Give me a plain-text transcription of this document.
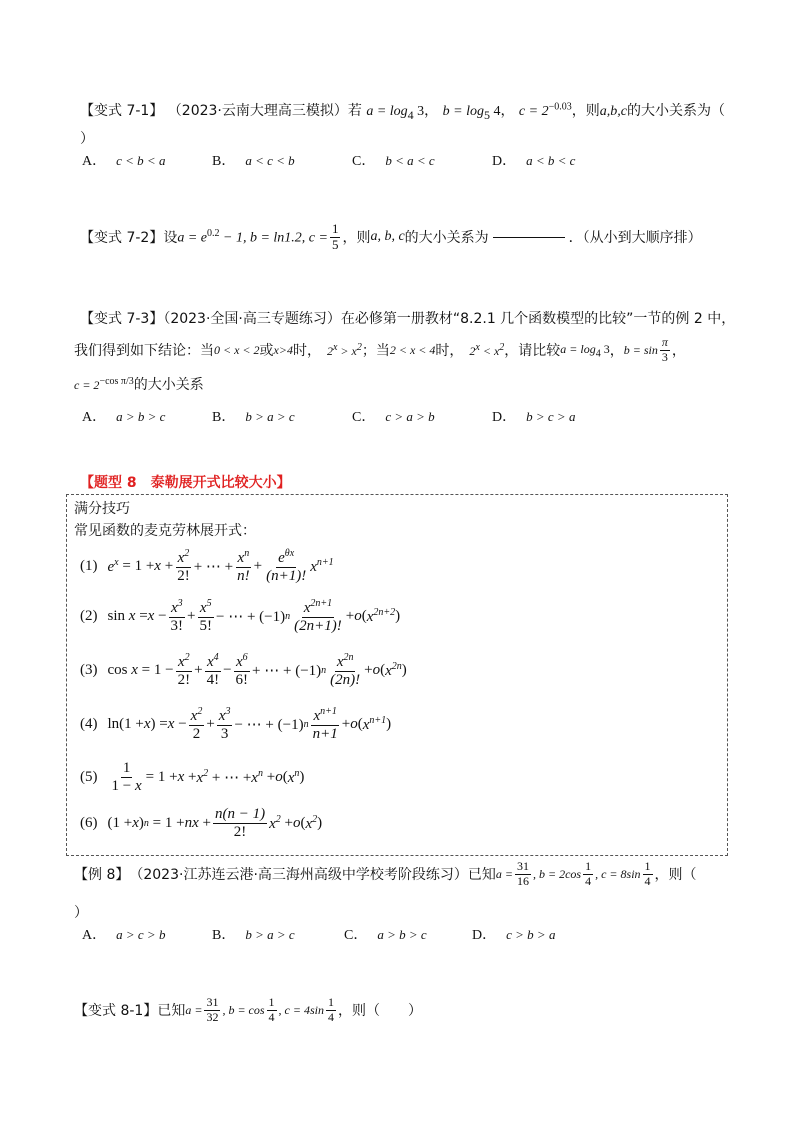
【变式 7-1】 （2023·云南大理高三模拟）若 $a = \log_4 3$， $b = \log_5 4$， $c = 2^{-0.03}$，则a,b,c的大小关系为（
）
A． c < b < a	B． a < c < b	C． b < a < c	D． a < b < c
【变式 7-2】 设 $a = e^{0.2} - 1$, b = ln1.2, $c = \frac{1}{5}$ ，则 a, b, c 的大小关系为	．（从小到大顺序排）
【变式 7-3】（2023·全国·高三专题练习）在必修第一册教材“8.2.1 几个函数模型的比较”一节的例 2 中，
我们得到如下结论：当 0 < x < 2 或 x>4 时， $2^x > x^2$ ；当 2 < x < 4 时， $2^x < x^2$ ，请比较 $a = \log_4 3$ ， $b = \sin \frac{\pi}{3}$ ，
$c = 2^{-cos \pi/3}$的大小关系
A． a > b > c	B． b > a > c	C． c > a > b	D． b > c > a
【题型 8　泰勒展开式比较大小】
满分技巧
常见函数的麦克劳林展开式：
(1) $e^x = 1 + x + \frac{x^2}{2!}$ + ⋯ + $\frac{x^n}{n!} + \frac{e^{\theta x}}{(n+1)!} x^{n+1}$
(2) $\sin x = x - \frac{x^3}{3!} + \frac{x^5}{5!}$ − ⋯ + (−1) n $\frac{x^{2n+1}}{(2n+1)!} + o$ ( $x^{2n+2}$ )
(3) $\cos x = 1 - \frac{x^2}{2!} + \frac{x^4}{4!} - \frac{x^6}{6!}$ + ⋯ + (−1) n $\frac{x^{2n}}{(2n)!} + o$ ( $x^{2n}$ )
(4) ln(1 + x ) = $x - \frac{x^2}{2} + \frac{x^3}{3}$ − ⋯ + (−1) n $\frac{x^{n+1}}{n+1} + o$ ( $x^{n+1}$ )
$(5) \frac{1}{1 - x} = 1 + x + x^2$ + ⋯ + $x^n + o$ ( $x^n$ )
(6) (1 + x ) n = 1 + nx + $\frac{n(n - 1)}{2!} x^2 + o$ ( $x^2$ )
【例 8】 （2023·江苏连云港·高三海州高级中学校考阶段练习）已知 $a = \frac{31}{16}$ , $b = 2\cos \frac{1}{4}$ , $c = 8\sin \frac{1}{4}$ ，则（
）
A． a > c > b	B． b > a > c	C． a > b > c	D． c > b > a
【变式 8-1】 已知 $a = \frac{31}{32}$ , $b = \cos \frac{1}{4}$ , $c = 4\sin \frac{1}{4}$ ，则（　　）
